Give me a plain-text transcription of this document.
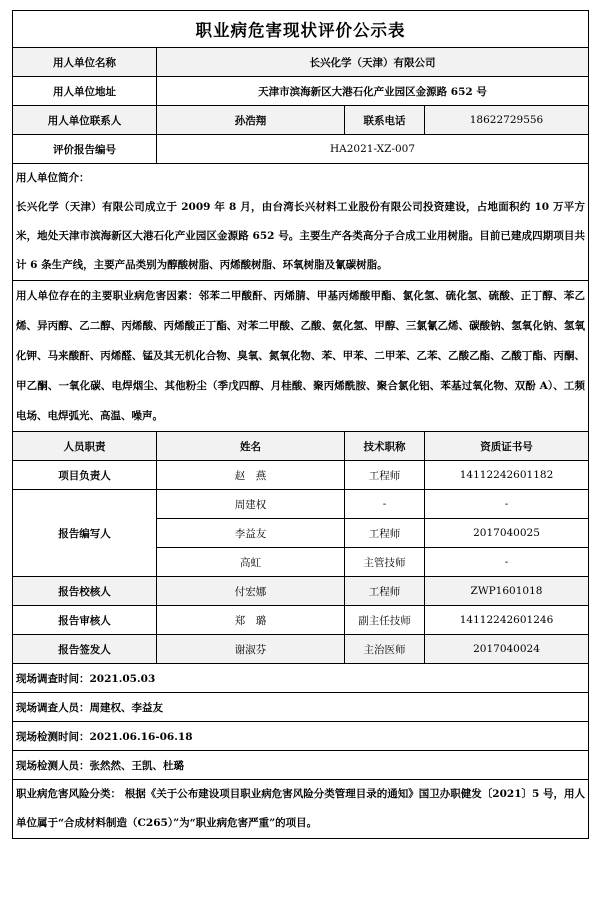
职业病危害现状评价公示表			
用人单位名称	长兴化学（天津）有限公司		
用人单位地址	天津市滨海新区大港石化产业园区金源路 652 号		
用人单位联系人	孙浩翔	联系电话	18622729556
评价报告编号	HA2021-XZ-007		
用人单位简介：
长兴化学（天津）有限公司成立于 2009 年 8 月，由台湾长兴材料工业股份有限公司投资建设，占地面积约 10 万平方米，地处天津市滨海新区大港石化产业园区金源路 652 号。主要生产各类高分子合成工业用树脂。目前已建成四期项目共计 6 条生产线，主要产品类别为醇酸树脂、丙烯酸树脂、环氧树脂及氰碳树脂。			
用人单位存在的主要职业病危害因素：邻苯二甲酸酐、丙烯腈、甲基丙烯酸甲酯、氯化氢、硫化氢、硫酸、正丁醇、苯乙烯、异丙醇、乙二醇、丙烯酸、丙烯酸正丁酯、对苯二甲酸、乙酸、氨化氢、甲醇、三氯氰乙烯、碳酸钠、氢氧化钠、氢氧化钾、马来酸酐、丙烯醛、锰及其无机化合物、臭氧、氮氧化物、苯、甲苯、二甲苯、乙苯、乙酸乙酯、乙酸丁酯、丙酮、甲乙酮、一氧化碳、电焊烟尘、其他粉尘（季戊四醇、月桂酸、聚丙烯酰胺、聚合氯化铝、苯基过氧化物、双酚 A）、工频电场、电焊弧光、高温、噪声。			
人员职责	姓名	技术职称	资质证书号
项目负责人	赵　燕	工程师	14112242601182
报告编写人	周建权	-	-
	李益友	工程师	2017040025
	高虹	主管技师	-
报告校核人	付宏娜	工程师	ZWP1601018
报告审核人	郑　璐	副主任技师	14112242601246
报告签发人	谢淑芬	主治医师	2017040024
现场调查时间：2021.05.03			
现场调查人员：周建权、李益友			
现场检测时间：2021.06.16-06.18			
现场检测人员：张然然、王凯、杜璐			
职业病危害风险分类： 根据《关于公布建设项目职业病危害风险分类管理目录的通知》国卫办职健发〔2021〕5 号，用人单位属于“合成材料制造（C265）”为“职业病危害严重”的项目。			
